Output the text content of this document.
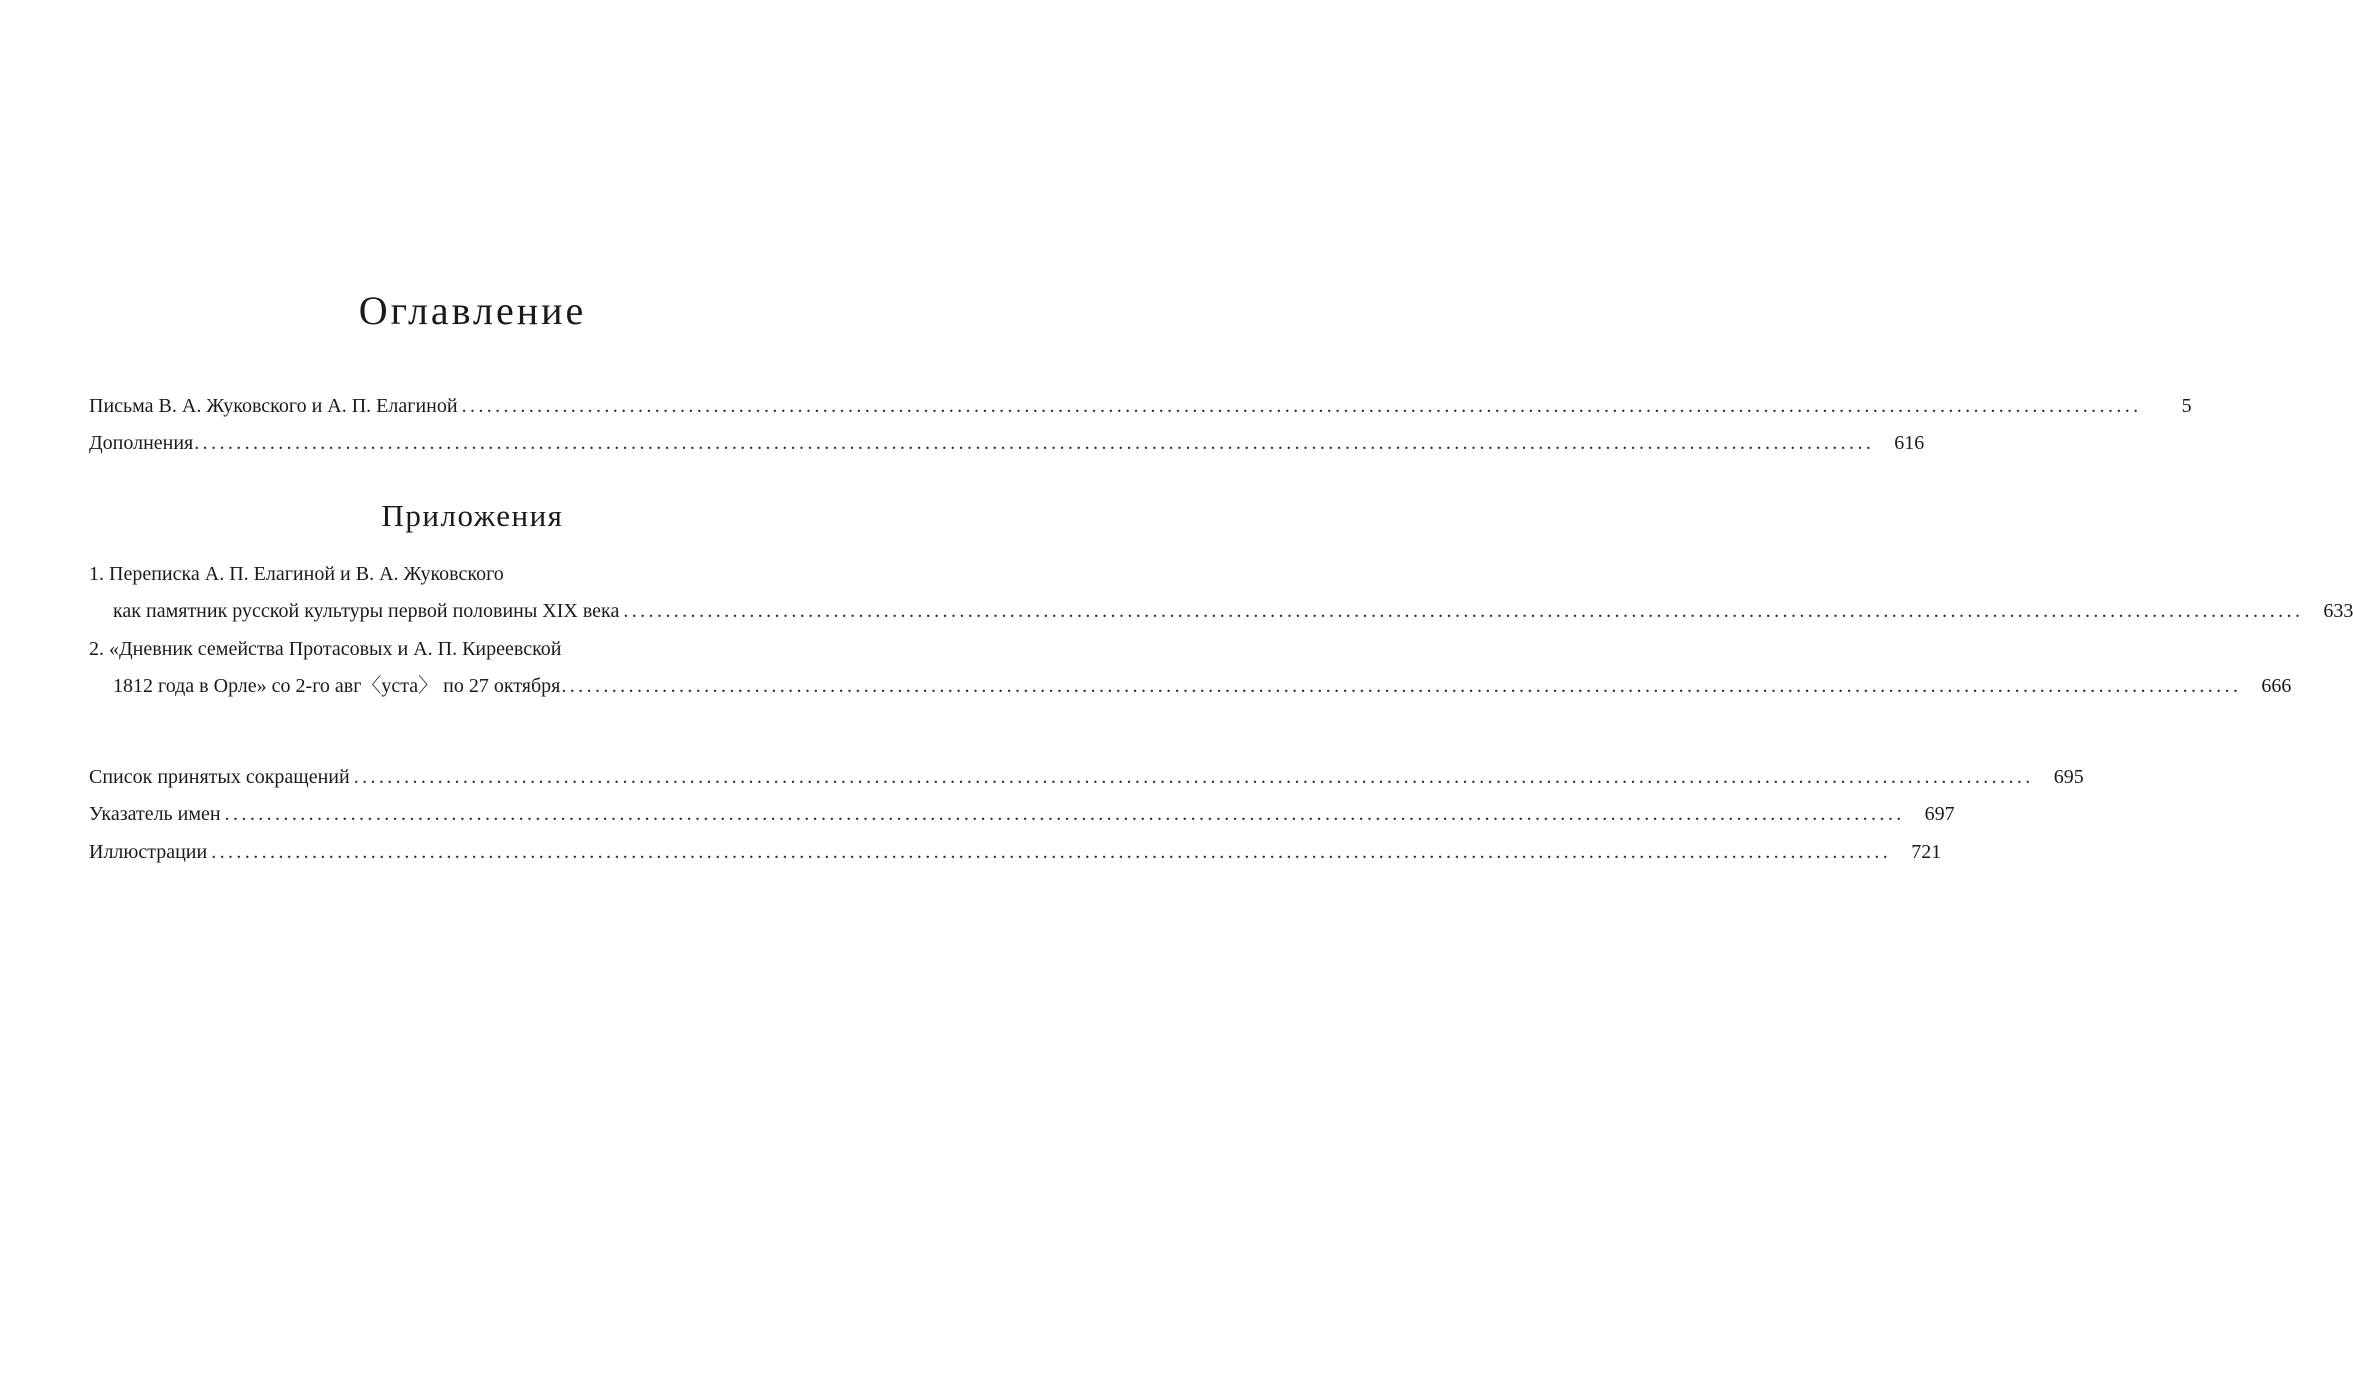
Оглавление
Письма В. А. Жуковского и А. П. Елагиной ........................................................................................................................................................................................................	5
Дополнения ........................................................................................................................................................................................................	616
Приложения
1. Переписка А. П. Елагиной и В. А. Жуковского
как памятник русской культуры первой половины XIX века ........................................................................................................................................................................................................	633
2. «Дневник семейства Протасовых и А. П. Киреевской
1812 года в Орле» со 2-го авг〈уста〉 по 27 октября ........................................................................................................................................................................................................	666
Список принятых сокращений ........................................................................................................................................................................................................	695
Указатель имен ........................................................................................................................................................................................................	697
Иллюстрации ........................................................................................................................................................................................................	721
